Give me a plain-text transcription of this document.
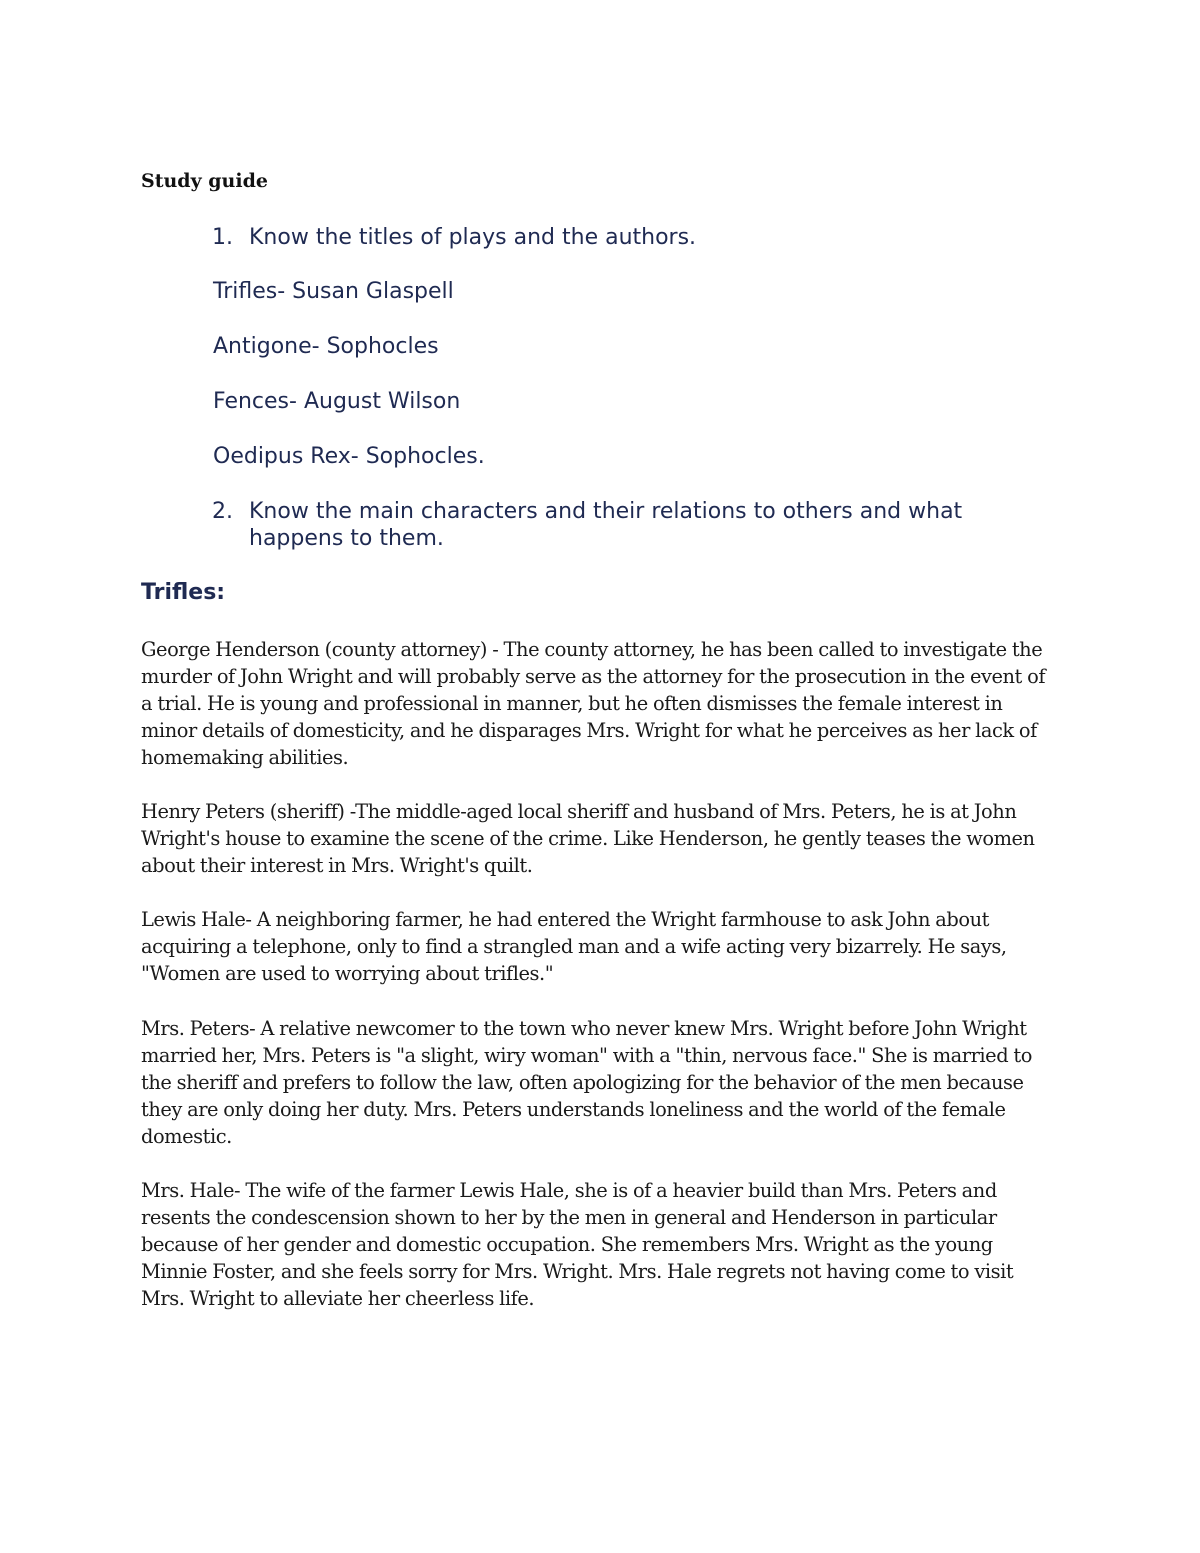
Study guide
1. Know the titles of plays and the authors.
Trifles- Susan Glaspell
Antigone- Sophocles
Fences- August Wilson
Oedipus Rex- Sophocles.
2. Know the main characters and their relations to others and what happens to them.
Trifles:

George Henderson (county attorney) - The county attorney, he has been called to investigate the murder of John Wright and will probably serve as the attorney for the prosecution in the event of a trial. He is young and professional in manner, but he often dismisses the female interest in minor details of domesticity, and he disparages Mrs. Wright for what he perceives as her lack of homemaking abilities.

Henry Peters (sheriff) -The middle-aged local sheriff and husband of Mrs. Peters, he is at John Wright's house to examine the scene of the crime. Like Henderson, he gently teases the women about their interest in Mrs. Wright's quilt.

Lewis Hale- A neighboring farmer, he had entered the Wright farmhouse to ask John about acquiring a telephone, only to find a strangled man and a wife acting very bizarrely. He says, "Women are used to worrying about trifles."

Mrs. Peters- A relative newcomer to the town who never knew Mrs. Wright before John Wright married her, Mrs. Peters is "a slight, wiry woman" with a "thin, nervous face." She is married to the sheriff and prefers to follow the law, often apologizing for the behavior of the men because they are only doing her duty. Mrs. Peters understands loneliness and the world of the female domestic.

Mrs. Hale- The wife of the farmer Lewis Hale, she is of a heavier build than Mrs. Peters and resents the condescension shown to her by the men in general and Henderson in particular because of her gender and domestic occupation. She remembers Mrs. Wright as the young Minnie Foster, and she feels sorry for Mrs. Wright. Mrs. Hale regrets not having come to visit Mrs. Wright to alleviate her cheerless life.
